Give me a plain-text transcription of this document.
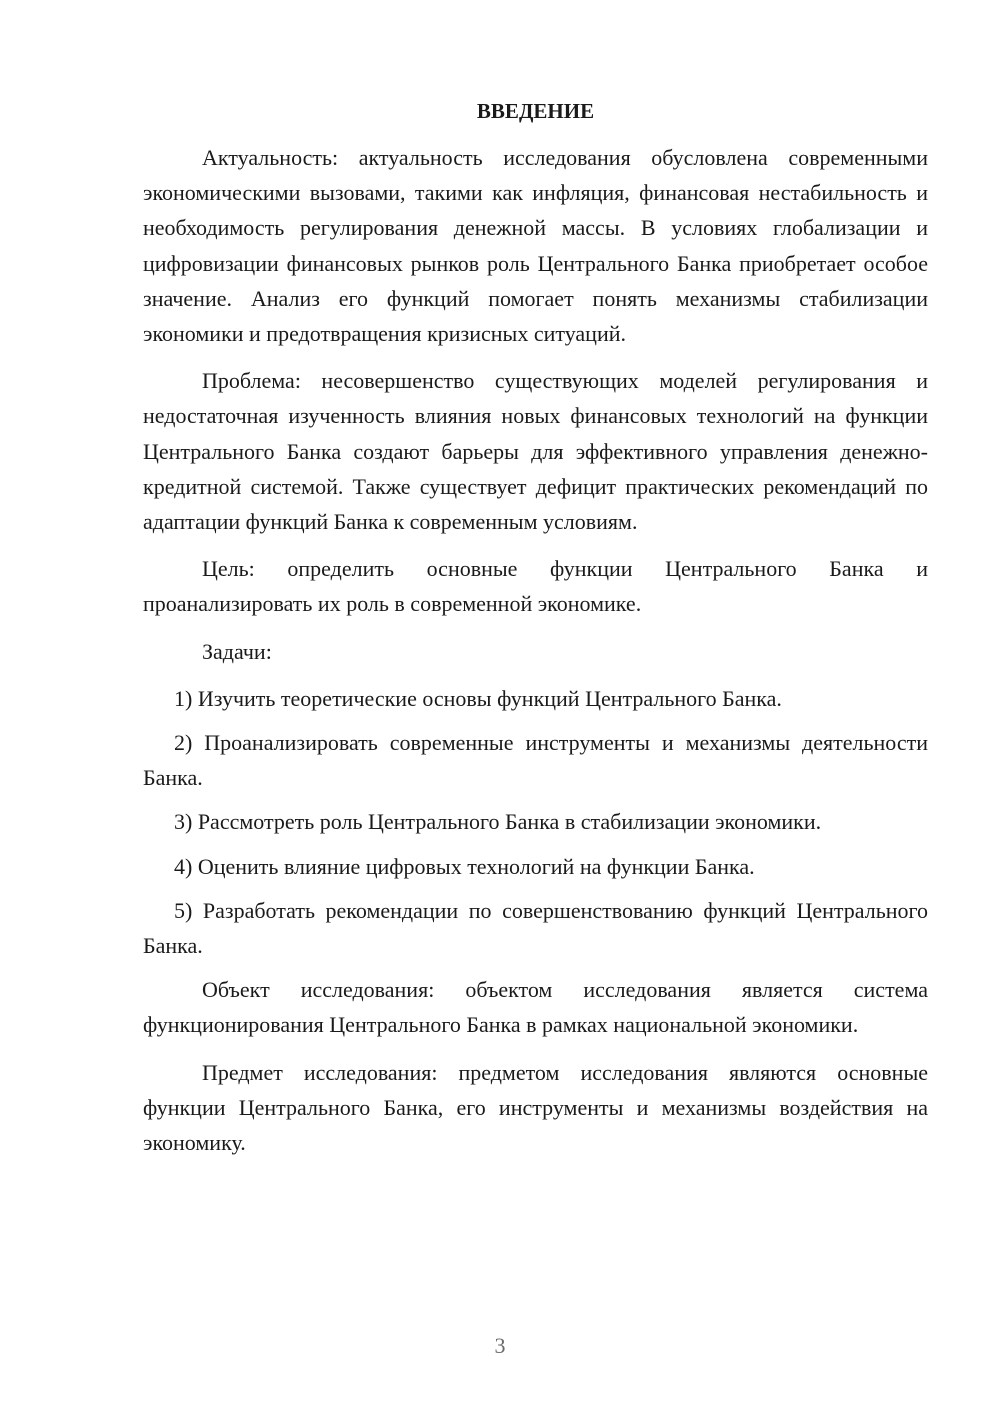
ВВЕДЕНИЕ

Актуальность: актуальность исследования обусловлена современными экономическими вызовами, такими как инфляция, финансовая нестабильность и необходимость регулирования денежной массы. В условиях глобализации и цифровизации финансовых рынков роль Центрального Банка приобретает особое значение. Анализ его функций помогает понять механизмы стабилизации экономики и предотвращения кризисных ситуаций.

Проблема: несовершенство существующих моделей регулирования и недостаточная изученность влияния новых финансовых технологий на функции Центрального Банка создают барьеры для эффективного управления денежно-кредитной системой. Также существует дефицит практических рекомендаций по адаптации функций Банка к современным условиям.

Цель: определить основные функции Центрального Банка и проанализировать их роль в современной экономике.

Задачи:

1) Изучить теоретические основы функций Центрального Банка.

2) Проанализировать современные инструменты и механизмы деятельности Банка.

3) Рассмотреть роль Центрального Банка в стабилизации экономики.

4) Оценить влияние цифровых технологий на функции Банка.

5) Разработать рекомендации по совершенствованию функций Центрального Банка.

Объект исследования: объектом исследования является система функционирования Центрального Банка в рамках национальной экономики.

Предмет исследования: предметом исследования являются основные функции Центрального Банка, его инструменты и механизмы воздействия на экономику.

3
